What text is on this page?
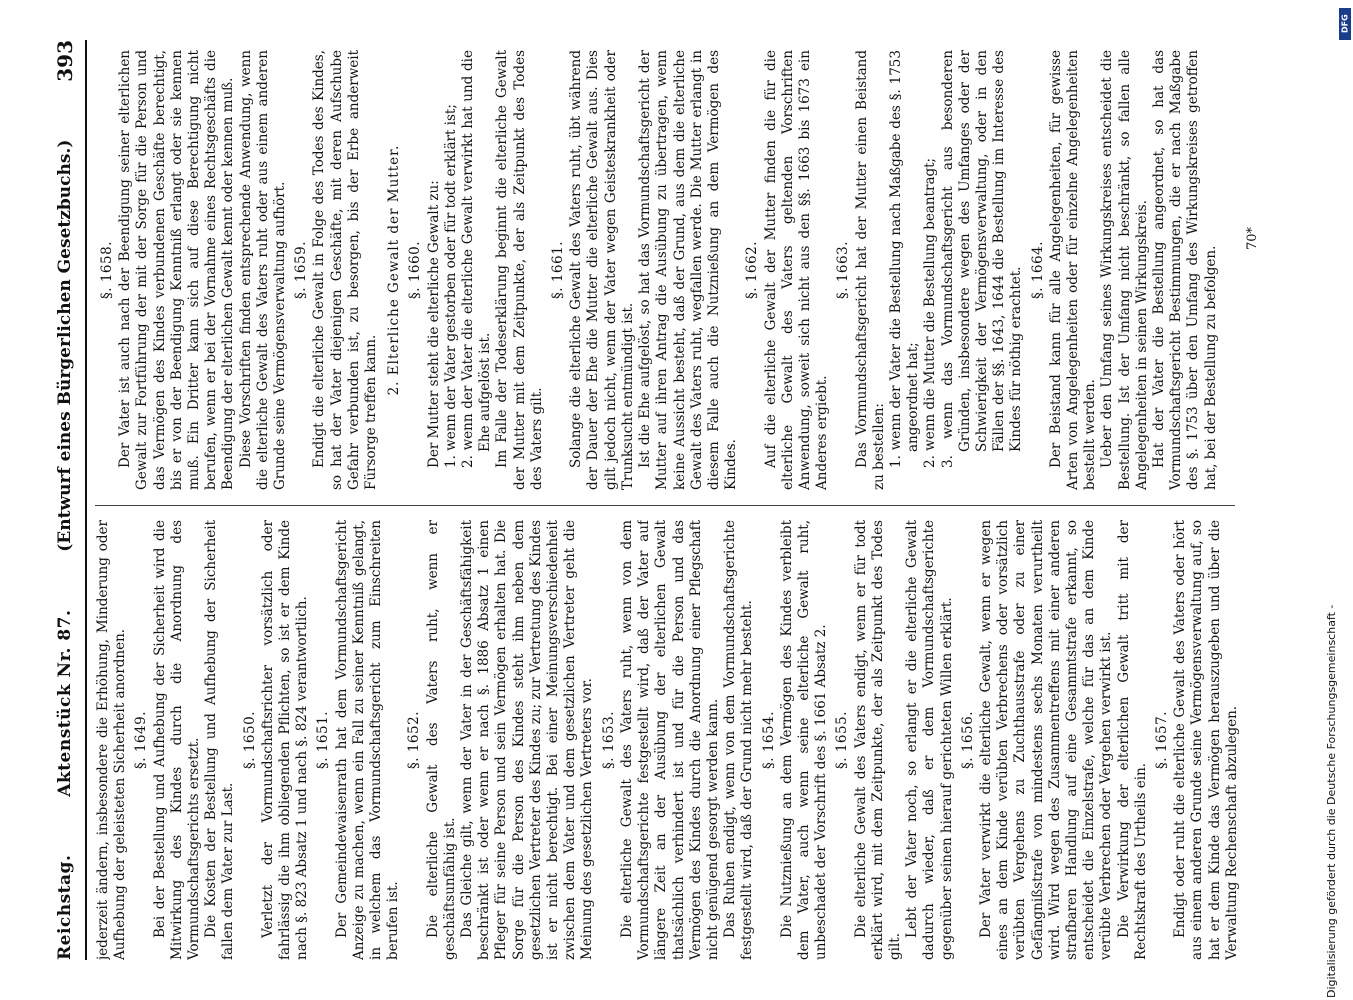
Reichstag.
Aktenstück Nr. 87.
(Entwurf eines Bürgerlichen Gesetzbuchs.)
393

jederzeit ändern, insbesondere die Erhöhung, Minderung oder Aufhebung der geleisteten Sicherheit anordnen. §. 1649. Bei der Bestellung und Aufhebung der Sicherheit wird die Mitwirkung des Kindes durch die Anordnung des Vormundschaftsgerichts ersetzt. Die Kosten der Bestellung und Aufhebung der Sicherheit fallen dem Vater zur Last.

§. 1650. Verletzt der Vormundschaftsrichter vorsätzlich oder fahrlässig die ihm obliegenden Pflichten, so ist er dem Kinde nach §. 823 Absatz 1 und nach §. 824 verantwortlich. §. 1651. Der Gemeindewaisenrath hat dem Vormundschaftsgericht Anzeige zu machen, wenn ein Fall zu seiner Kenntniß gelangt, in welchem das Vormundschaftsgericht zum Einschreiten berufen ist.

§. 1652. Die elterliche Gewalt des Vaters ruht, wenn er geschäftsunfähig ist. Das Gleiche gilt, wenn der Vater in der Geschäftsfähigkeit beschränkt ist oder wenn er nach §. 1886 Absatz 1 einen Pfleger für seine Person und sein Vermögen erhalten hat. Die Sorge für die Person des Kindes steht ihm neben dem gesetzlichen Vertreter des Kindes zu; zur Vertretung des Kindes ist er nicht berechtigt. Bei einer Meinungsverschiedenheit zwischen dem Vater und dem gesetzlichen Vertreter geht die Meinung des gesetzlichen Vertreters vor. §. 1653. Die elterliche Gewalt des Vaters ruht, wenn von dem Vormundschaftsgerichte festgestellt wird, daß der Vater auf längere Zeit an der Ausübung der elterlichen Gewalt thatsächlich verhindert ist und für die Person und das Vermögen des Kindes durch die Anordnung einer Pflegschaft nicht genügend gesorgt werden kann. Das Ruhen endigt, wenn von dem Vormundschaftsgerichte festgestellt wird, daß der Grund nicht mehr besteht. §. 1654. Die Nutznießung an dem Vermögen des Kindes verbleibt dem Vater, auch wenn seine elterliche Gewalt ruht, unbeschadet der Vorschrift des §. 1661 Absatz 2. §. 1655. Die elterliche Gewalt des Vaters endigt, wenn er für todt erklärt wird, mit dem Zeitpunkte, der als Zeitpunkt des Todes gilt.

Lebt der Vater noch, so erlangt er die elterliche Gewalt dadurch wieder, daß er dem Vormundschaftsgerichte gegenüber seinen hierauf gerichteten Willen erklärt. §. 1656. Der Vater verwirkt die elterliche Gewalt, wenn er wegen eines an dem Kinde verübten Verbrechens oder vorsätzlich verübten Vergehens zu Zuchthausstrafe oder zu einer Gefängnißstrafe von mindestens sechs Monaten verurtheilt wird. Wird wegen des Zusammentreffens mit einer anderen strafbaren Handlung auf eine Gesammtstrafe erkannt, so entscheidet die Einzelstrafe, welche für das an dem Kinde verübte Verbrechen oder Vergehen verwirkt ist. Die Verwirkung der elterlichen Gewalt tritt mit der Rechtskraft des Urtheils ein.

§. 1657. Endigt oder ruht die elterliche Gewalt des Vaters oder hört aus einem anderen Grunde seine Vermögensverwaltung auf, so hat er dem Kinde das Vermögen herauszugeben und über die Verwaltung Rechenschaft abzulegen.

§. 1658. Der Vater ist auch nach der Beendigung seiner elterlichen Gewalt zur Fortführung der mit der Sorge für die Person und das Vermögen des Kindes verbundenen Geschäfte berechtigt, bis er von der Beendigung Kenntniß erlangt oder sie kennen muß. Ein Dritter kann sich auf diese Berechtigung nicht berufen, wenn er bei der Vornahme eines Rechtsgeschäfts die Beendigung der elterlichen Gewalt kennt oder kennen muß. Diese Vorschriften finden entsprechende Anwendung, wenn die elterliche Gewalt des Vaters ruht oder aus einem anderen Grunde seine Vermögensverwaltung aufhört. §. 1659. Endigt die elterliche Gewalt in Folge des Todes des Kindes, so hat der Vater diejenigen Geschäfte, mit deren Aufschube Gefahr verbunden ist, zu besorgen, bis der Erbe anderweit Fürsorge treffen kann.

2. Elterliche Gewalt der Mutter. §. 1660. Der Mutter steht die elterliche Gewalt zu: 1. wenn der Vater gestorben oder für todt erklärt ist; 2. wenn der Vater die elterliche Gewalt verwirkt hat und die Ehe aufgelöst ist. Im Falle der Todeserklärung beginnt die elterliche Gewalt der Mutter mit dem Zeitpunkte, der als Zeitpunkt des Todes des Vaters gilt.

§. 1661. Solange die elterliche Gewalt des Vaters ruht, übt während der Dauer der Ehe die Mutter die elterliche Gewalt aus. Dies gilt jedoch nicht, wenn der Vater wegen Geisteskrankheit oder Trunksucht entmündigt ist. Ist die Ehe aufgelöst, so hat das Vormundschaftsgericht der Mutter auf ihren Antrag die Ausübung zu übertragen, wenn keine Aussicht besteht, daß der Grund, aus dem die elterliche Gewalt des Vaters ruht, wegfallen werde. Die Mutter erlangt in diesem Falle auch die Nutznießung an dem Vermögen des Kindes.

§. 1662. Auf die elterliche Gewalt der Mutter finden die für die elterliche Gewalt des Vaters geltenden Vorschriften Anwendung, soweit sich nicht aus den §§. 1663 bis 1673 ein Anderes ergiebt.

§. 1663. Das Vormundschaftsgericht hat der Mutter einen Beistand zu bestellen: 1. wenn der Vater die Bestellung nach Maßgabe des §. 1753 angeordnet hat; 2. wenn die Mutter die Bestellung beantragt; 3. wenn das Vormundschaftsgericht aus besonderen Gründen, insbesondere wegen des Umfanges oder der Schwierigkeit der Vermögensverwaltung, oder in den Fällen der §§. 1643, 1644 die Bestellung im Interesse des Kindes für nöthig erachtet. §. 1664. Der Beistand kann für alle Angelegenheiten, für gewisse Arten von Angelegenheiten oder für einzelne Angelegenheiten bestellt werden. Ueber den Umfang seines Wirkungskreises entscheidet die Bestellung. Ist der Umfang nicht beschränkt, so fallen alle Angelegenheiten in seinen Wirkungskreis. Hat der Vater die Bestellung angeordnet, so hat das Vormundschaftsgericht Bestimmungen, die er nach Maßgabe des §. 1753 über den Umfang des Wirkungskreises getroffen hat, bei der Bestellung zu befolgen.

70*
Digitalisierung gefördert durch die Deutsche Forschungsgemeinschaft -
DFG
